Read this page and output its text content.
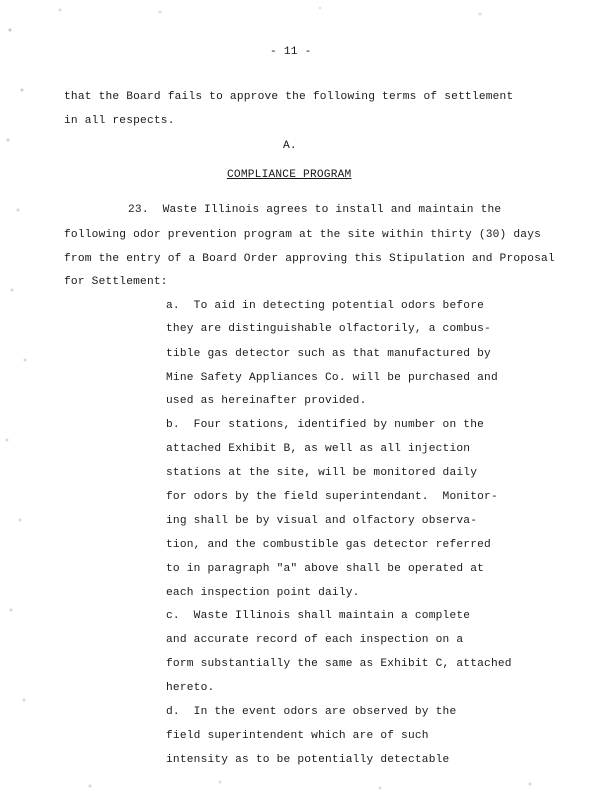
- 11 -
that the Board fails to approve the following terms of settlement
in all respects.
A.
COMPLIANCE PROGRAM
23.  Waste Illinois agrees to install and maintain the
following odor prevention program at the site within thirty (30) days
from the entry of a Board Order approving this Stipulation and Proposal
for Settlement:
a.  To aid in detecting potential odors before
they are distinguishable olfactorily, a combus-
tible gas detector such as that manufactured by
Mine Safety Appliances Co. will be purchased and
used as hereinafter provided.
b.  Four stations, identified by number on the
attached Exhibit B, as well as all injection
stations at the site, will be monitored daily
for odors by the field superintendant.  Monitor-
ing shall be by visual and olfactory observa-
tion, and the combustible gas detector referred
to in paragraph "a" above shall be operated at
each inspection point daily.
c.  Waste Illinois shall maintain a complete
and accurate record of each inspection on a
form substantially the same as Exhibit C, attached
hereto.
d.  In the event odors are observed by the
field superintendent which are of such
intensity as to be potentially detectable
